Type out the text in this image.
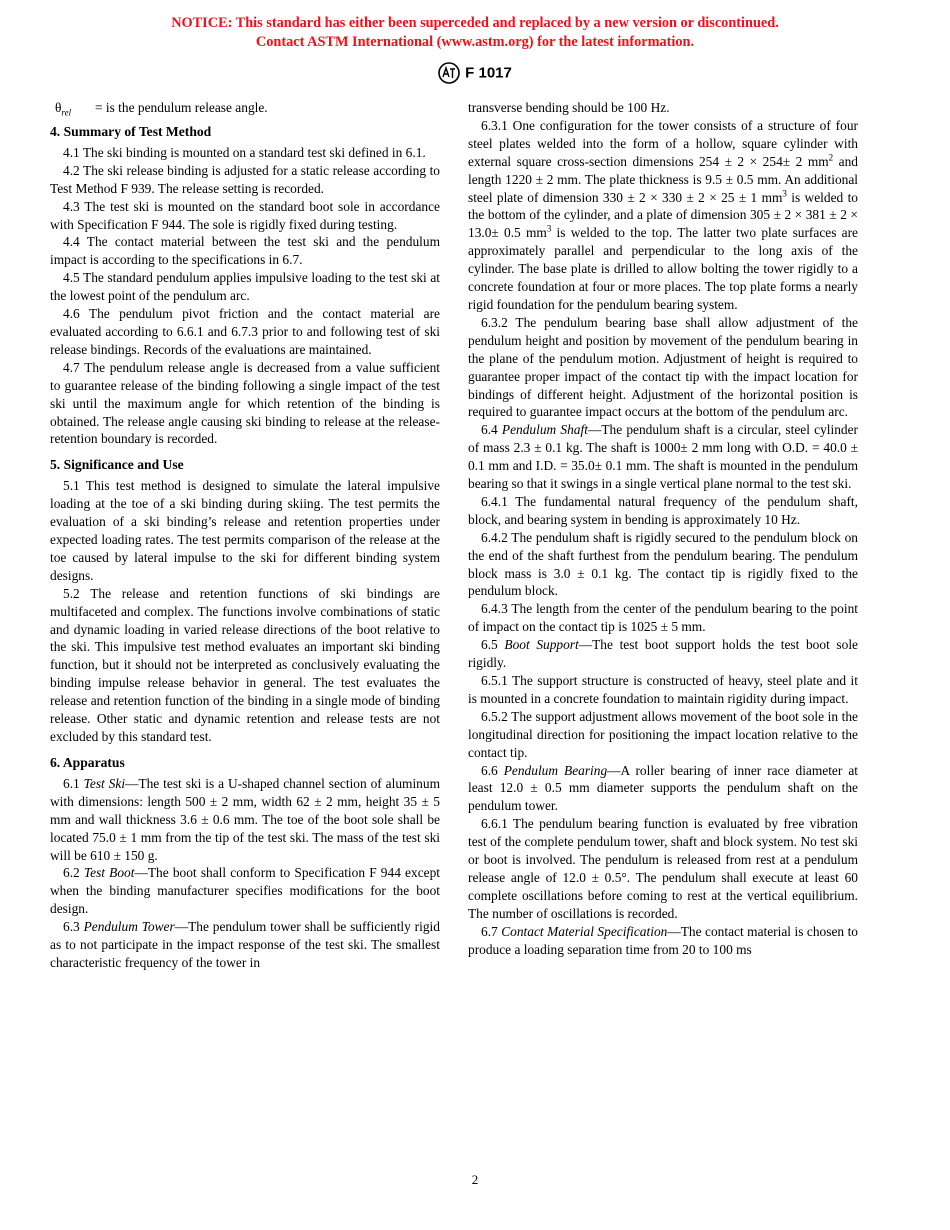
NOTICE: This standard has either been superceded and replaced by a new version or discontinued.
Contact ASTM International (www.astm.org) for the latest information.
F 1017

$\theta_{rel}$ = is the pendulum release angle.

4. Summary of Test Method

4.1 The ski binding is mounted on a standard test ski defined in 6.1.

4.2 The ski release binding is adjusted for a static release according to Test Method F 939. The release setting is recorded.

4.3 The test ski is mounted on the standard boot sole in accordance with Specification F 944. The sole is rigidly fixed during testing.

4.4 The contact material between the test ski and the pendulum impact is according to the specifications in 6.7.

4.5 The standard pendulum applies impulsive loading to the test ski at the lowest point of the pendulum arc.

4.6 The pendulum pivot friction and the contact material are evaluated according to 6.6.1 and 6.7.3 prior to and following test of ski release bindings. Records of the evaluations are maintained.

4.7 The pendulum release angle is decreased from a value sufficient to guarantee release of the binding following a single impact of the test ski until the maximum angle for which retention of the binding is obtained. The release angle causing ski binding to release at the release-retention boundary is recorded.

5. Significance and Use

5.1 This test method is designed to simulate the lateral impulsive loading at the toe of a ski binding during skiing. The test permits the evaluation of a ski binding’s release and retention properties under expected loading rates. The test permits comparison of the release at the toe caused by lateral impulse to the ski for different binding system designs.

5.2 The release and retention functions of ski bindings are multifaceted and complex. The functions involve combinations of static and dynamic loading in varied release directions of the boot relative to the ski. This impulsive test method evaluates an important ski binding function, but it should not be interpreted as conclusively evaluating the binding impulse release behavior in general. The test evaluates the release and retention function of the binding in a single mode of binding release. Other static and dynamic retention and release tests are not excluded by this standard test.

6. Apparatus

6.1 Test Ski—The test ski is a U-shaped channel section of aluminum with dimensions: length 500 ± 2 mm, width 62 ± 2 mm, height 35 ± 5 mm and wall thickness 3.6 ± 0.6 mm. The toe of the boot sole shall be located 75.0 ± 1 mm from the tip of the test ski. The mass of the test ski will be 610 ± 150 g.

6.2 Test Boot—The boot shall conform to Specification F 944 except when the binding manufacturer specifies modifications for the boot design.

6.3 Pendulum Tower—The pendulum tower shall be sufficiently rigid as to not participate in the impact response of the test ski. The smallest characteristic frequency of the tower in

transverse bending should be 100 Hz.

6.3.1 One configuration for the tower consists of a structure of four steel plates welded into the form of a hollow, square cylinder with external square cross-section dimensions 254 ± 2 × 254± 2 $mm^2$ and length 1220 ± 2 mm. The plate thickness is 9.5 ± 0.5 mm. An additional steel plate of dimension 330 ± 2 × 330 ± 2 × 25 ± 1 $mm^3$ is welded to the bottom of the cylinder, and a plate of dimension 305 ± 2 × 381 ± 2 × 13.0± 0.5 $mm^3$ is welded to the top. The latter two plate surfaces are approximately parallel and perpendicular to the long axis of the cylinder. The base plate is drilled to allow bolting the tower rigidly to a concrete foundation at four or more places. The top plate forms a nearly rigid foundation for the pendulum bearing system.

6.3.2 The pendulum bearing base shall allow adjustment of the pendulum height and position by movement of the pendulum bearing in the plane of the pendulum motion. Adjustment of height is required to guarantee proper impact of the contact tip with the impact location for bindings of different height. Adjustment of the horizontal position is required to guarantee impact occurs at the bottom of the pendulum arc.

6.4 Pendulum Shaft—The pendulum shaft is a circular, steel cylinder of mass 2.3 ± 0.1 kg. The shaft is 1000± 2 mm long with O.D. = 40.0 ± 0.1 mm and I.D. = 35.0± 0.1 mm. The shaft is mounted in the pendulum bearing so that it swings in a single vertical plane normal to the test ski.

6.4.1 The fundamental natural frequency of the pendulum shaft, block, and bearing system in bending is approximately 10 Hz.

6.4.2 The pendulum shaft is rigidly secured to the pendulum block on the end of the shaft furthest from the pendulum bearing. The pendulum block mass is 3.0 ± 0.1 kg. The contact tip is rigidly fixed to the pendulum block.

6.4.3 The length from the center of the pendulum bearing to the point of impact on the contact tip is 1025 ± 5 mm.

6.5 Boot Support—The test boot support holds the test boot sole rigidly.

6.5.1 The support structure is constructed of heavy, steel plate and it is mounted in a concrete foundation to maintain rigidity during impact.

6.5.2 The support adjustment allows movement of the boot sole in the longitudinal direction for positioning the impact location relative to the contact tip.

6.6 Pendulum Bearing—A roller bearing of inner race diameter at least 12.0 ± 0.5 mm diameter supports the pendulum shaft on the pendulum tower.

6.6.1 The pendulum bearing function is evaluated by free vibration test of the complete pendulum tower, shaft and block system. No test ski or boot is involved. The pendulum is released from rest at a pendulum release angle of 12.0 ± 0.5°. The pendulum shall execute at least 60 complete oscillations before coming to rest at the vertical equilibrium. The number of oscillations is recorded.

6.7 Contact Material Specification—The contact material is chosen to produce a loading separation time from 20 to 100 ms

2
